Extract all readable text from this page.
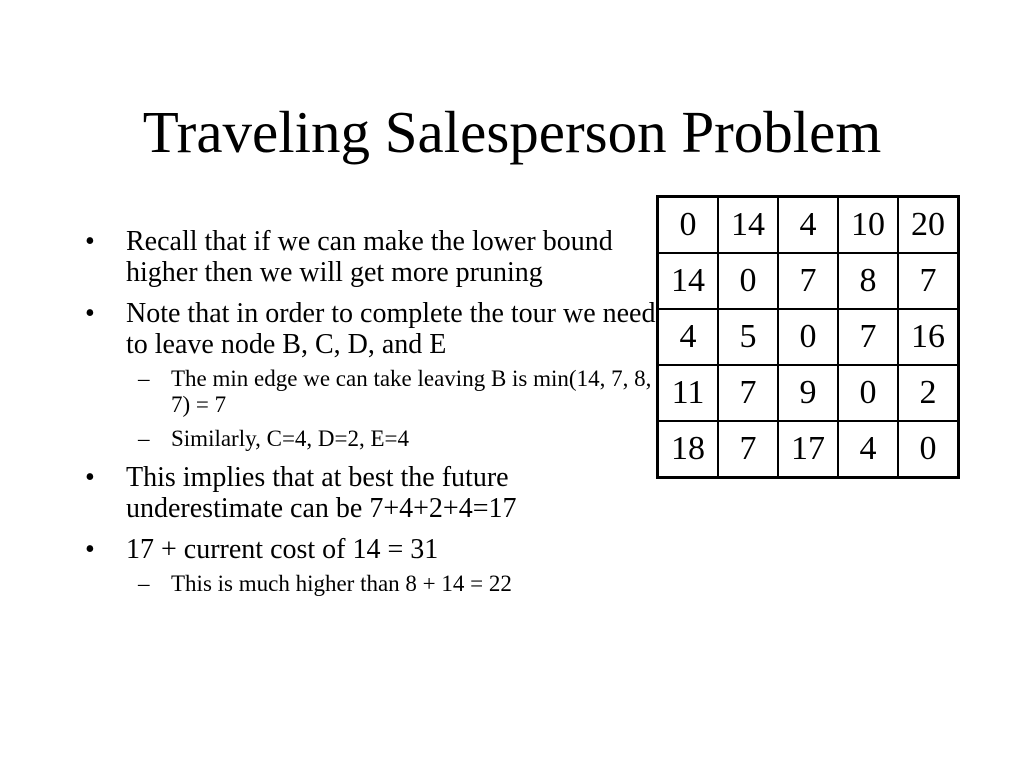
Traveling Salesperson Problem
• Recall that if we can make the lower bound higher then we will get more pruning
• Note that in order to complete the tour we need to leave node B, C, D, and E
– The min edge we can take leaving B is min(14, 7, 8, 7) = 7
– Similarly, C=4, D=2, E=4
• This implies that at best the future underestimate can be 7+4+2+4=17
• 17 + current cost of 14 = 31
– This is much higher than 8 + 14 = 22
0	14	4	10	20
14	0	7	8	7
4	5	0	7	16
11	7	9	0	2
18	7	17	4	0
